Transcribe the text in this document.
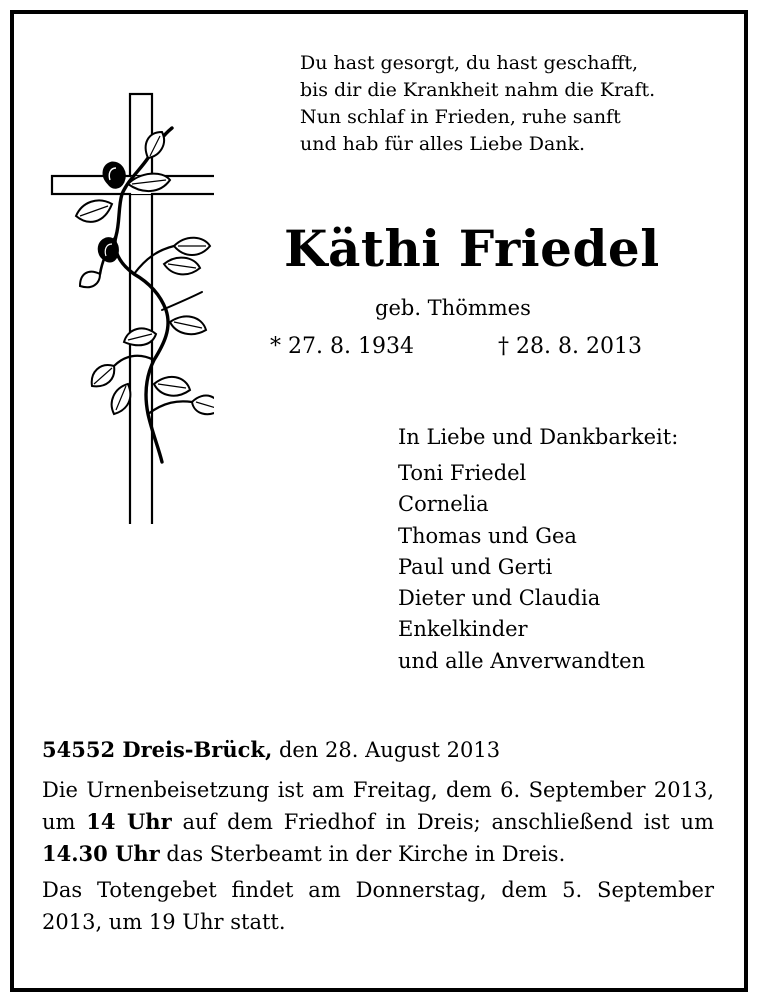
Du hast gesorgt, du hast geschafft,
bis dir die Krankheit nahm die Kraft.
Nun schlaf in Frieden, ruhe sanft
und hab für alles Liebe Dank.
Käthi Friedel
geb. Thömmes
* 27. 8. 1934	† 28. 8. 2013
In Liebe und Dankbarkeit:
Toni Friedel
Cornelia
Thomas und Gea
Paul und Gerti
Dieter und Claudia
Enkelkinder
und alle Anverwandten

54552 Dreis-Brück, den 28. August 2013

Die Urnenbeisetzung ist am Freitag, dem 6. September 2013, um 14 Uhr auf dem Friedhof in Dreis; anschließend ist um 14.30 Uhr das Sterbeamt in der Kirche in Dreis.

Das Totengebet findet am Donnerstag, dem 5. September 2013, um 19 Uhr statt.
